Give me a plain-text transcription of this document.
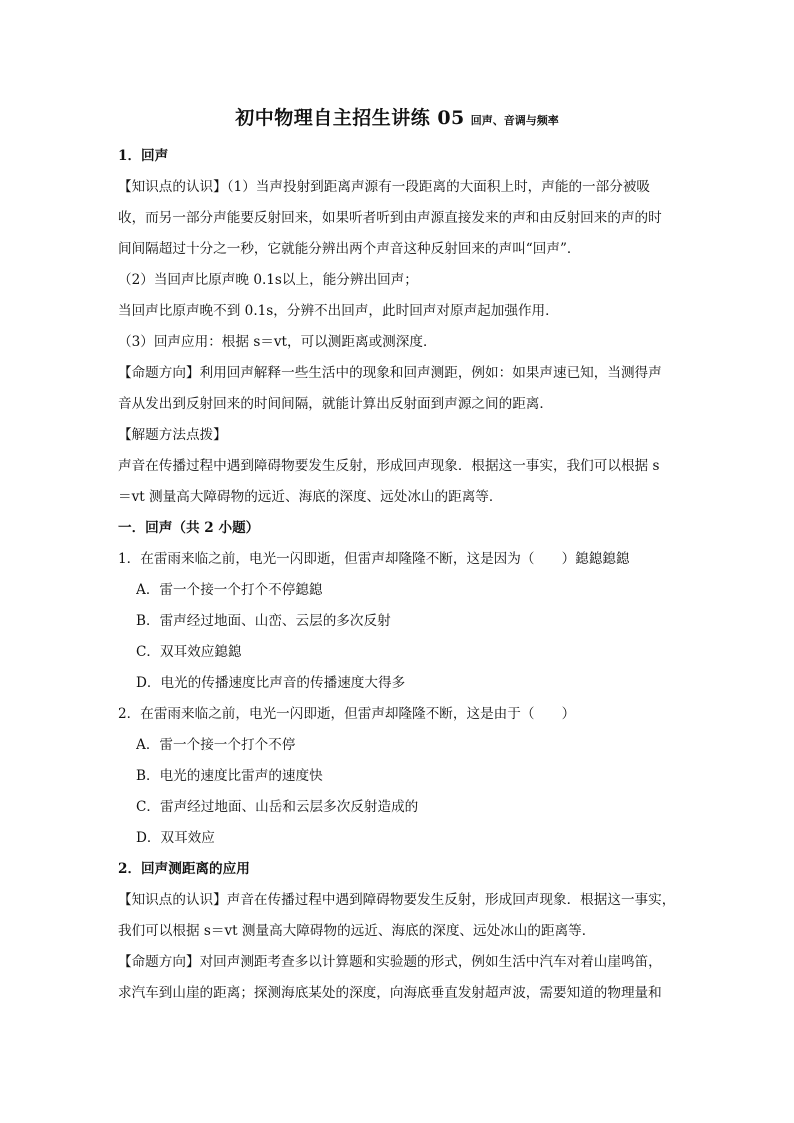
初中物理自主招生讲练 05 回声、音调与频率
1．回声
【知识点的认识】（1）当声投射到距离声源有一段距离的大面积上时，声能的一部分被吸
收，而另一部分声能要反射回来，如果听者听到由声源直接发来的声和由反射回来的声的时
间间隔超过十分之一秒，它就能分辨出两个声音这种反射回来的声叫“回声”．
（2）当回声比原声晚 0.1s以上，能分辨出回声；
当回声比原声晚不到 0.1s，分辨不出回声，此时回声对原声起加强作用．
（3）回声应用：根据 s＝vt，可以测距离或测深度．
【命题方向】利用回声解释一些生活中的现象和回声测距，例如：如果声速已知，当测得声
音从发出到反射回来的时间间隔，就能计算出反射面到声源之间的距离．
【解题方法点拨】
声音在传播过程中遇到障碍物要发生反射，形成回声现象．根据这一事实，我们可以根据 s
＝vt 测量高大障碍物的远近、海底的深度、远处冰山的距离等．
一．回声（共 2 小题）
1．在雷雨来临之前，电光一闪即逝，但雷声却隆隆不断，这是因为（　　）鎴鎴鎴鎴
A．雷一个接一个打个不停鎴鎴
B．雷声经过地面、山峦、云层的多次反射
C．双耳效应鎴鎴
D．电光的传播速度比声音的传播速度大得多
2．在雷雨来临之前，电光一闪即逝，但雷声却隆隆不断，这是由于（　　）
A．雷一个接一个打个不停
B．电光的速度比雷声的速度快
C．雷声经过地面、山岳和云层多次反射造成的
D．双耳效应
2．回声测距离的应用
【知识点的认识】声音在传播过程中遇到障碍物要发生反射，形成回声现象．根据这一事实，
我们可以根据 s＝vt 测量高大障碍物的远近、海底的深度、远处冰山的距离等．
【命题方向】对回声测距考查多以计算题和实验题的形式，例如生活中汽车对着山崖鸣笛，
求汽车到山崖的距离；探测海底某处的深度，向海底垂直发射超声波，需要知道的物理量和
